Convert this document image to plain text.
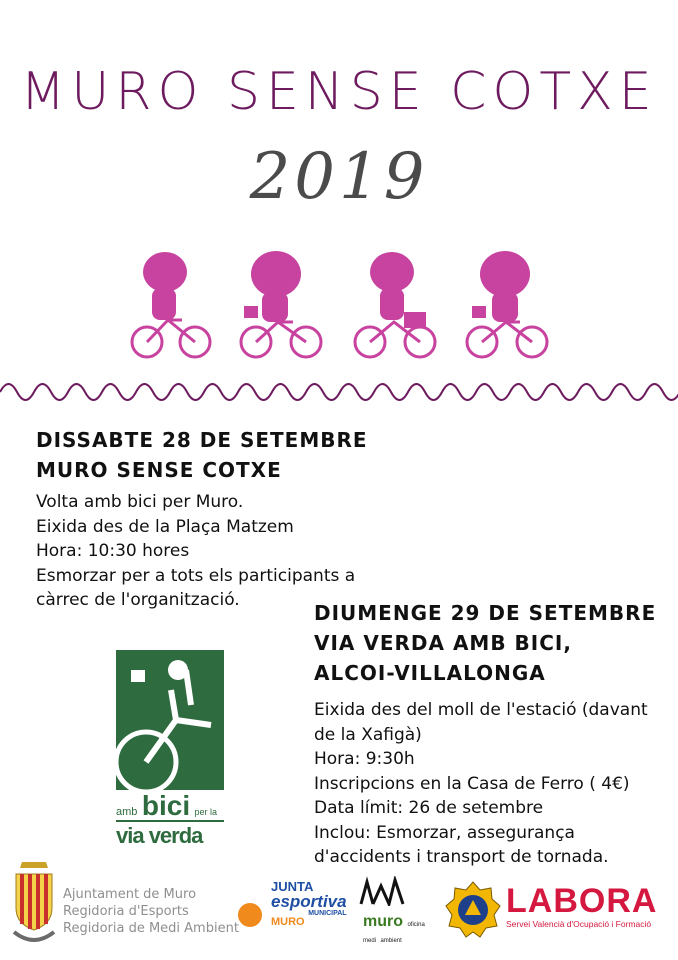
MURO SENSE COTXE
2019
DISSABTE 28 DE SETEMBRE
MURO SENSE COTXE
Volta amb bici per Muro.
Eixida des de la Plaça Matzem
Hora: 10:30 hores
Esmorzar per a tots els participants a
càrrec de l'organització.
DIUMENGE 29 DE SETEMBRE
VIA VERDA AMB BICI,
ALCOI-VILLALONGA
Eixida des del moll de l'estació (davant
de la Xafigà)
Hora: 9:30h
Inscripcions en la Casa de Ferro ( 4€)
Data límit: 26 de setembre
Inclou: Esmorzar, assegurança
d'accidents i transport de tornada.
amb bici per la
via verda
Ajuntament de Muro
Regidoria d'Esports
Regidoria de Medi Ambient
JUNTA
esportiva
MUNICIPAL
MURO	muro oficina medi ambient
LABORA
Servei Valencià d'Ocupació i Formació
